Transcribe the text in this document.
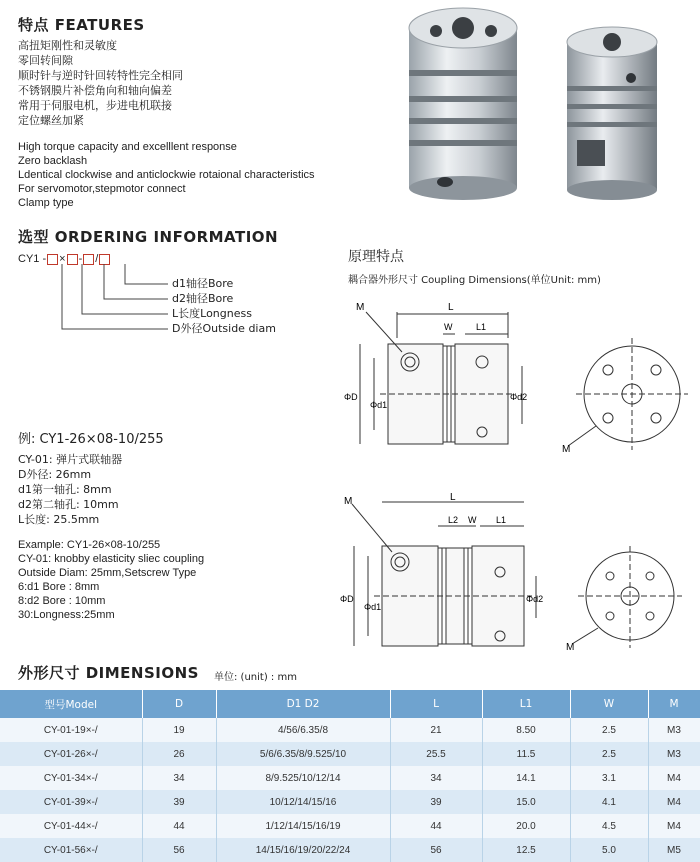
特点 FEATURES
高扭矩刚性和灵敏度
零回转间隙
顺时针与逆时针回转特性完全相同
不锈钢膜片补偿角向和轴向偏差
常用于伺服电机，步进电机联接
定位螺丝加紧
High torque capacity and excelllent response
Zero backlash
Ldentical clockwise and anticlockwie rotaional characteristics
For servomotor,stepmotor connect
Clamp type
选型 ORDERING INFORMATION
CY1 - × - /
d1轴径Bore
d2轴径Bore
L长度Longness
D外径Outside diam
原理特点
耦合器外形尺寸 Coupling Dimensions(单位Unit: mm)
M	L
W	L1
ΦD
Φd1
Φd2
M
M	L
L2 W L1
ΦD
Φd1
Φd2
M
例: CY1-26×08-10/255
CY-01: 弹片式联轴器
D外径: 26mm
d1第一轴孔: 8mm
d2第二轴孔: 10mm
L长度: 25.5mm
Example: CY1-26×08-10/255
CY-01: knobby elasticity sliec coupling
Outside Diam: 25mm,Setscrew Type
6:d1 Bore : 8mm
8:d2 Bore : 10mm
30:Longness:25mm
外形尺寸 DIMENSIONS 单位: (unit) : mm
型号Model	D	D1 D2	L	L1	W	M
CY-01-19×-/	19	4/56/6.35/8	21	8.50	2.5	M3
CY-01-26×-/	26	5/6/6.35/8/9.525/10	25.5	11.5	2.5	M3
CY-01-34×-/	34	8/9.525/10/12/14	34	14.1	3.1	M4
CY-01-39×-/	39	10/12/14/15/16	39	15.0	4.1	M4
CY-01-44×-/	44	1/12/14/15/16/19	44	20.0	4.5	M4
CY-01-56×-/	56	14/15/16/19/20/22/24	56	12.5	5.0	M5
